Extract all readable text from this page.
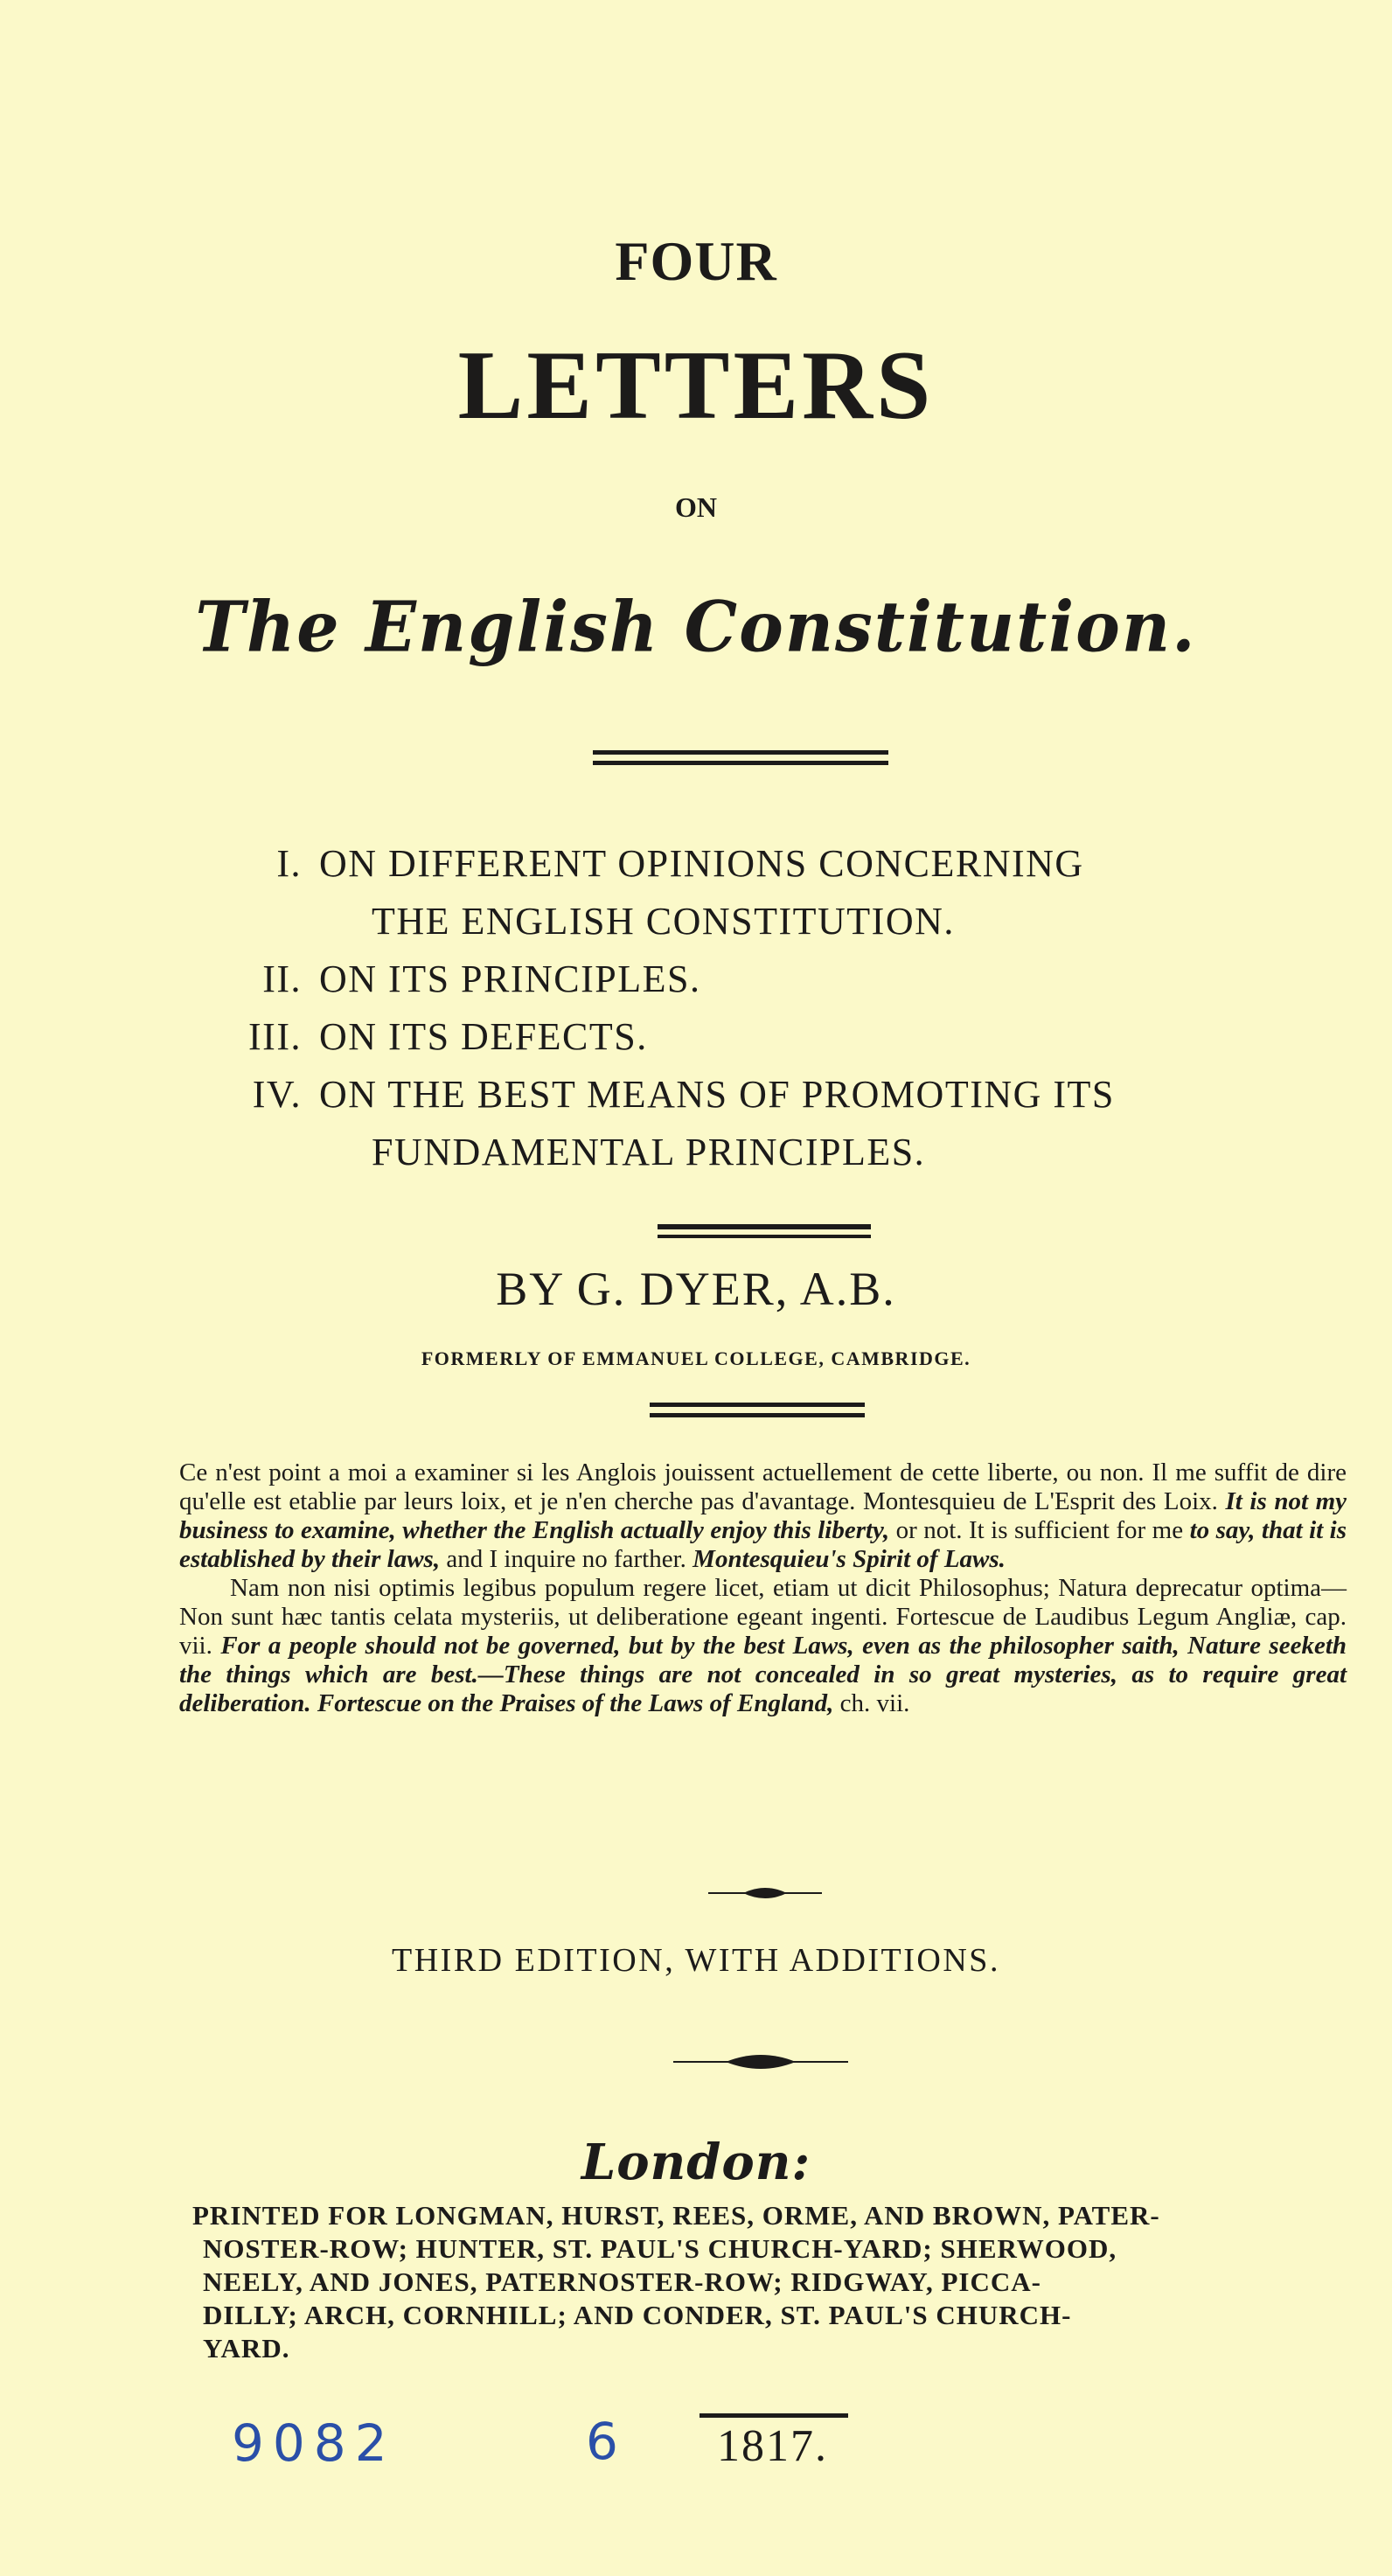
FOUR
LETTERS
ON
The English Constitution.
I. ON DIFFERENT OPINIONS CONCERNING
THE ENGLISH CONSTITUTION.
II. ON ITS PRINCIPLES.
III. ON ITS DEFECTS.
IV. ON THE BEST MEANS OF PROMOTING ITS
FUNDAMENTAL PRINCIPLES.
BY G. DYER, A.B.
FORMERLY OF EMMANUEL COLLEGE, CAMBRIDGE.

Ce n'est point a moi a examiner si les Anglois jouissent actuellement de cette liberte, ou non. Il me suffit de dire qu'elle est etablie par leurs loix, et je n'en cherche pas d'avantage. Montesquieu de L'Esprit des Loix. It is not my business to examine, whether the English actually enjoy this liberty, or not. It is sufficient for me to say, that it is established by their laws, and I inquire no farther. Montesquieu's Spirit of Laws.

Nam non nisi optimis legibus populum regere licet, etiam ut dicit Philosophus; Natura deprecatur optima—Non sunt hæc tantis celata mysteriis, ut deliberatione egeant ingenti. Fortescue de Laudibus Legum Angliæ, cap. vii. For a people should not be governed, but by the best Laws, even as the philosopher saith, Nature seeketh the things which are best.—These things are not concealed in so great mysteries, as to require great deliberation. Fortescue on the Praises of the Laws of England, ch. vii.

THIRD EDITION, WITH ADDITIONS.
London:
PRINTED FOR LONGMAN, HURST, REES, ORME, AND BROWN, PATER-
NOSTER-ROW; HUNTER, ST. PAUL'S CHURCH-YARD; SHERWOOD,
NEELY, AND JONES, PATERNOSTER-ROW; RIDGWAY, PICCA-
DILLY; ARCH, CORNHILL; AND CONDER, ST. PAUL'S CHURCH-
YARD.
9082	6 1817.
